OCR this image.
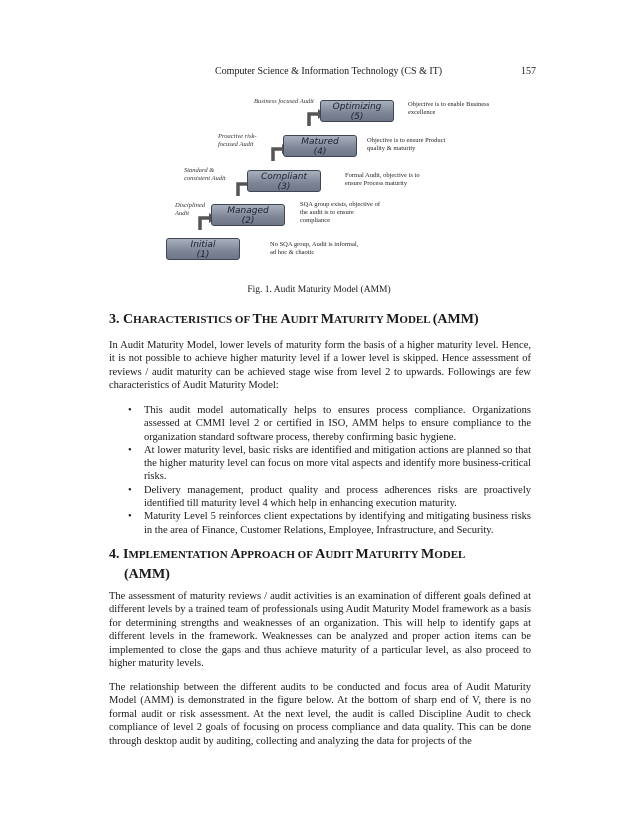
Computer Science & Information Technology (CS & IT)	157
Initial
(1)
Managed
(2)
Compliant
(3)
Matured
(4)
Optimizing
(5)
Disciplined Audit
Standard & consistent Audit
Proactive risk-focused Audit
Business focused Audit
No SQA group, Audit is informal, ad hoc & chaotic
SQA group exists, objective of the audit is to ensure compliance
Formal Audit, objective is to ensure Process maturity
Objective is to ensure Product quality & maturity
Objective is to enable Business excellence
Fig. 1. Audit Maturity Model (AMM)
3. CHARACTERISTICS OF THE AUDIT MATURITY MODEL (AMM)

In Audit Maturity Model, lower levels of maturity form the basis of a higher maturity level. Hence, it is not possible to achieve higher maturity level if a lower level is skipped. Hence assessment of reviews / audit maturity can be achieved stage wise from level 2 to upwards. Followings are few characteristics of Audit Maturity Model:

• This audit model automatically helps to ensures process compliance. Organizations assessed at CMMI level 2 or certified in ISO, AMM helps to ensure compliance to the organization standard software process, thereby confirming basic hygiene.
• At lower maturity level, basic risks are identified and mitigation actions are planned so that the higher maturity level can focus on more vital aspects and identify more business-critical risks.
• Delivery management, product quality and process adherences risks are proactively identified till maturity level 4 which help in enhancing execution maturity.
• Maturity Level 5 reinforces client expectations by identifying and mitigating business risks in the area of Finance, Customer Relations, Employee, Infrastructure, and Security.
4. IMPLEMENTATION APPROACH OF AUDIT MATURITY MODEL
(AMM)

The assessment of maturity reviews / audit activities is an examination of different goals defined at different levels by a trained team of professionals using Audit Maturity Model framework as a basis for determining strengths and weaknesses of an organization. This will help to identify gaps at different levels in the framework. Weaknesses can be analyzed and proper action items can be implemented to close the gaps and thus achieve maturity of a particular level, as also proceed to higher maturity levels.

The relationship between the different audits to be conducted and focus area of Audit Maturity Model (AMM) is demonstrated in the figure below. At the bottom of sharp end of V, there is no formal audit or risk assessment. At the next level, the audit is called Discipline Audit to check compliance of level 2 goals of focusing on process compliance and data quality. This can be done through desktop audit by auditing, collecting and analyzing the data for projects of the
